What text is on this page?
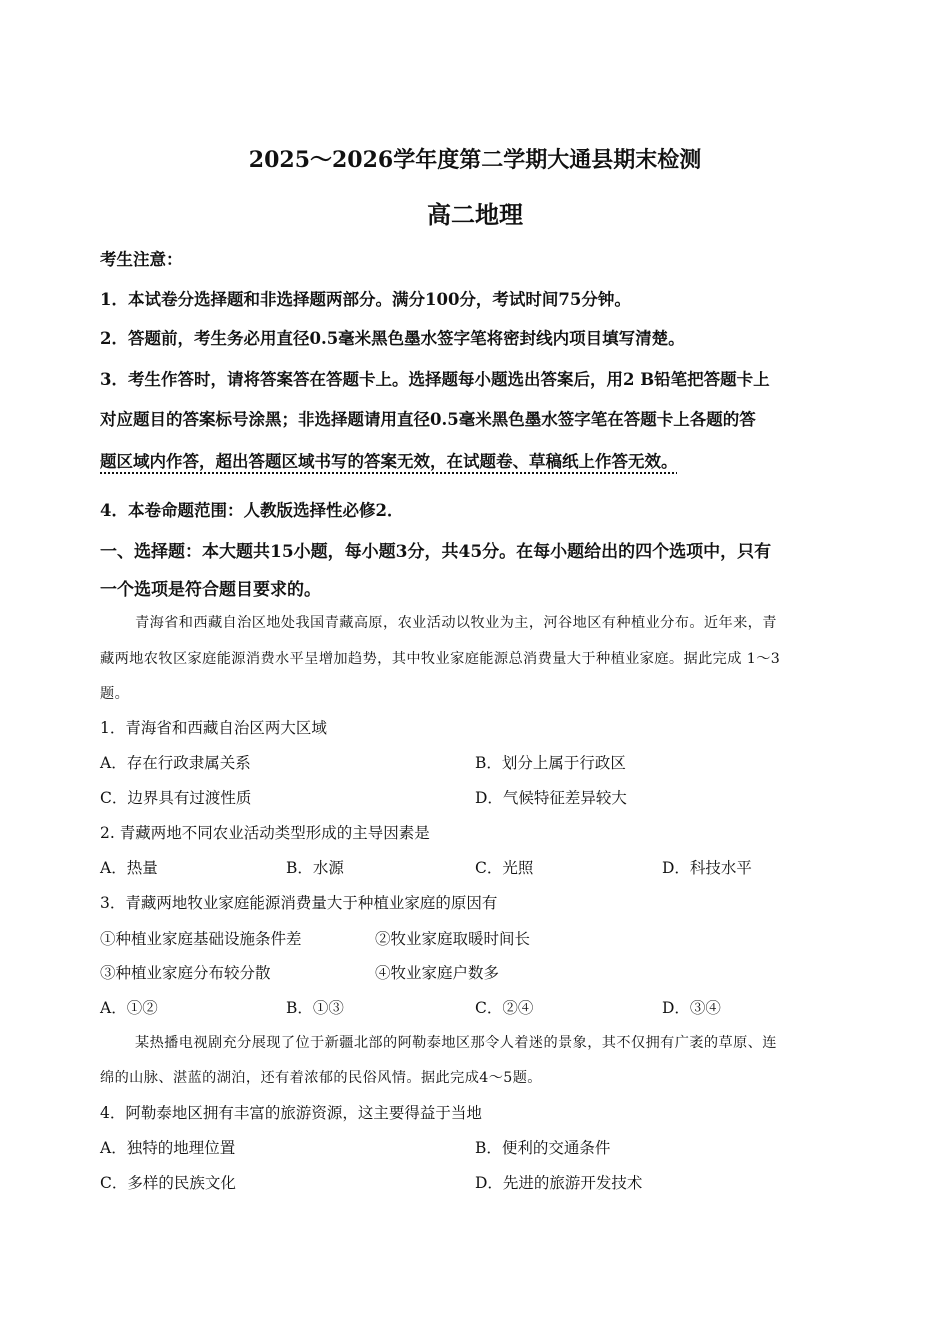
2025～2026学年度第二学期大通县期末检测
高二地理
考生注意：
1．本试卷分选择题和非选择题两部分。满分100分，考试时间75分钟。
2．答题前，考生务必用直径0.5毫米黑色墨水签字笔将密封线内项目填写清楚。
3．考生作答时，请将答案答在答题卡上。选择题每小题选出答案后，用2 B铅笔把答题卡上
对应题目的答案标号涂黑；非选择题请用直径0.5毫米黑色墨水签字笔在答题卡上各题的答
题区域内作答，超出答题区域书写的答案无效，在试题卷、草稿纸上作答无效。
4．本卷命题范围：人教版选择性必修2．
一、选择题：本大题共15小题，每小题3分，共45分。在每小题给出的四个选项中，只有
一个选项是符合题目要求的。
青海省和西藏自治区地处我国青藏高原，农业活动以牧业为主，河谷地区有种植业分布。近年来，青
藏两地农牧区家庭能源消费水平呈增加趋势，其中牧业家庭能源总消费量大于种植业家庭。据此完成 1～3
题。
1．青海省和西藏自治区两大区域
A．存在行政隶属关系	B．划分上属于行政区
C．边界具有过渡性质	D．气候特征差异较大
2. 青藏两地不同农业活动类型形成的主导因素是
A．热量	B．水源	C．光照	D．科技水平
3．青藏两地牧业家庭能源消费量大于种植业家庭的原因有
①种植业家庭基础设施条件差	②牧业家庭取暖时间长
③种植业家庭分布较分散	④牧业家庭户数多
A．①②	B．①③	C．②④	D．③④
某热播电视剧充分展现了位于新疆北部的阿勒泰地区那令人着迷的景象，其不仅拥有广袤的草原、连
绵的山脉、湛蓝的湖泊，还有着浓郁的民俗风情。据此完成4～5题。
4．阿勒泰地区拥有丰富的旅游资源，这主要得益于当地
A．独特的地理位置	B．便利的交通条件
C．多样的民族文化	D．先进的旅游开发技术
